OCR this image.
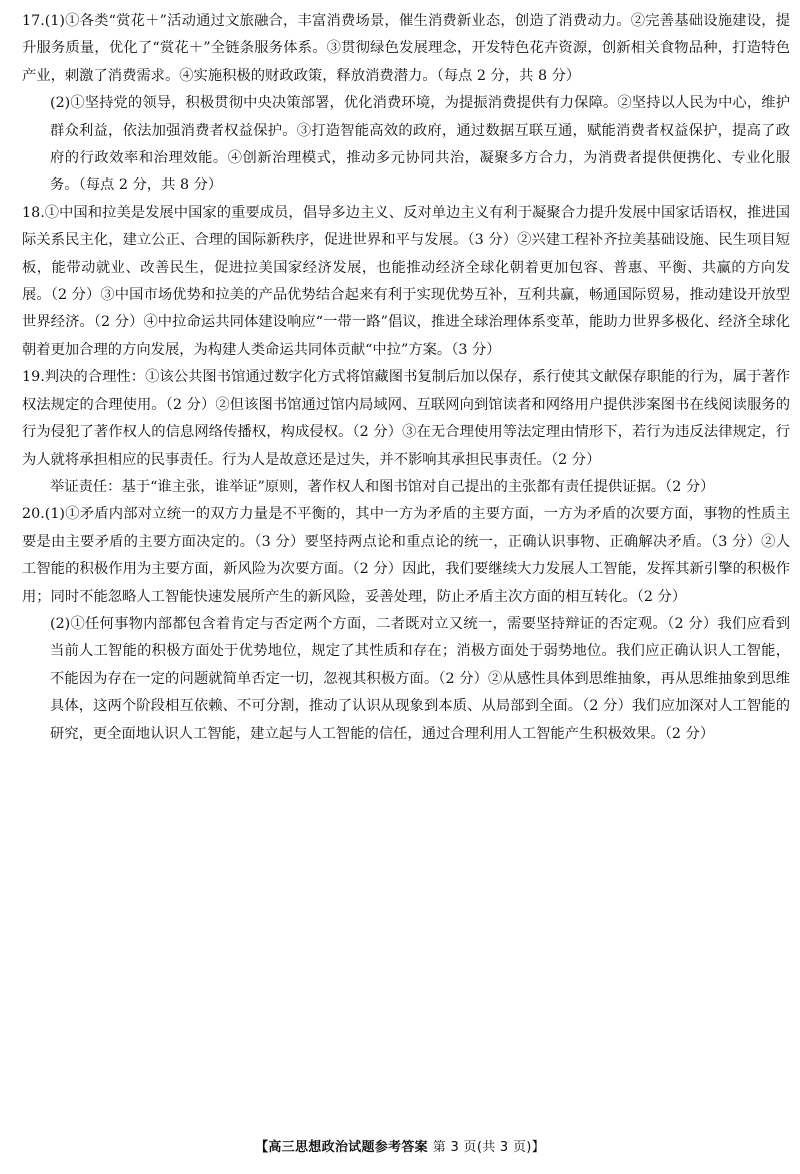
17.(1)①各类“赏花＋”活动通过文旅融合，丰富消费场景，催生消费新业态，创造了消费动力。②完善基础设施建设，提升服务质量，优化了“赏花＋”全链条服务体系。③贯彻绿色发展理念，开发特色花卉资源，创新相关食物品种，打造特色产业，刺激了消费需求。④实施积极的财政政策，释放消费潜力。（每点 2 分，共 8 分）

(2)①坚持党的领导，积极贯彻中央决策部署，优化消费环境，为提振消费提供有力保障。②坚持以人民为中心，维护群众利益，依法加强消费者权益保护。③打造智能高效的政府，通过数据互联互通，赋能消费者权益保护，提高了政府的行政效率和治理效能。④创新治理模式，推动多元协同共治，凝聚多方合力，为消费者提供便携化、专业化服务。（每点 2 分，共 8 分）

18.①中国和拉美是发展中国家的重要成员，倡导多边主义、反对单边主义有利于凝聚合力提升发展中国家话语权，推进国际关系民主化，建立公正、合理的国际新秩序，促进世界和平与发展。（3 分）②兴建工程补齐拉美基础设施、民生项目短板，能带动就业、改善民生，促进拉美国家经济发展，也能推动经济全球化朝着更加包容、普惠、平衡、共赢的方向发展。（2 分）③中国市场优势和拉美的产品优势结合起来有利于实现优势互补，互利共赢，畅通国际贸易，推动建设开放型世界经济。（2 分）④中拉命运共同体建设响应“一带一路”倡议，推进全球治理体系变革，能助力世界多极化、经济全球化朝着更加合理的方向发展，为构建人类命运共同体贡献“中拉”方案。（3 分）

19.判决的合理性：①该公共图书馆通过数字化方式将馆藏图书复制后加以保存，系行使其文献保存职能的行为，属于著作权法规定的合理使用。（2 分）②但该图书馆通过馆内局域网、互联网向到馆读者和网络用户提供涉案图书在线阅读服务的行为侵犯了著作权人的信息网络传播权，构成侵权。（2 分）③在无合理使用等法定理由情形下，若行为违反法律规定，行为人就将承担相应的民事责任。行为人是故意还是过失，并不影响其承担民事责任。（2 分）

举证责任：基于“谁主张，谁举证”原则，著作权人和图书馆对自己提出的主张都有责任提供证据。（2 分）

20.(1)①矛盾内部对立统一的双方力量是不平衡的，其中一方为矛盾的主要方面，一方为矛盾的次要方面，事物的性质主要是由主要矛盾的主要方面决定的。（3 分）要坚持两点论和重点论的统一，正确认识事物、正确解决矛盾。（3 分）②人工智能的积极作用为主要方面，新风险为次要方面。（2 分）因此，我们要继续大力发展人工智能，发挥其新引擎的积极作用；同时不能忽略人工智能快速发展所产生的新风险，妥善处理，防止矛盾主次方面的相互转化。（2 分）

(2)①任何事物内部都包含着肯定与否定两个方面，二者既对立又统一，需要坚持辩证的否定观。（2 分）我们应看到当前人工智能的积极方面处于优势地位，规定了其性质和存在；消极方面处于弱势地位。我们应正确认识人工智能，不能因为存在一定的问题就简单否定一切，忽视其积极方面。（2 分）②从感性具体到思维抽象，再从思维抽象到思维具体，这两个阶段相互依赖、不可分割，推动了认识从现象到本质、从局部到全面。（2 分）我们应加深对人工智能的研究，更全面地认识人工智能，建立起与人工智能的信任，通过合理利用人工智能产生积极效果。（2 分）

【高三思想政治试题参考答案 第 3 页(共 3 页)】
